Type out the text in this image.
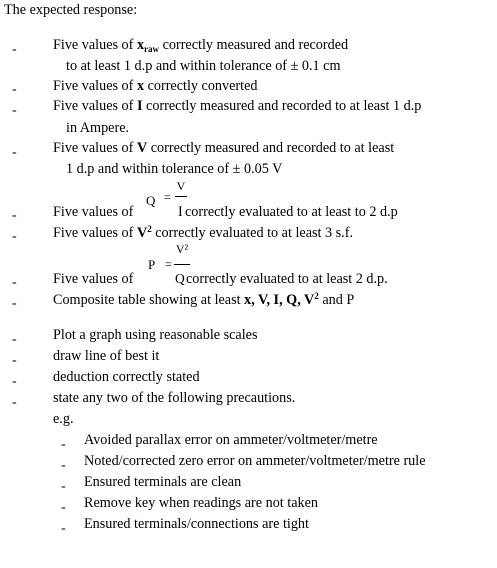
The expected response:
-	Five values of $x_{raw}$ correctly measured and recorded
to at least 1 d.p and within tolerance of ± 0.1 cm
-	Five values of x correctly converted
-	Five values of I correctly measured and recorded to at least 1 d.p
in Ampere.
-	Five values of V correctly measured and recorded to at least
1 d.p and within tolerance of ± 0.05 V
-	Five values of
Q =
V
I correctly evaluated to at least to 2 d.p
-	Five values of $V^2$ correctly evaluated to at least 3 s.f.
-	Five values of
P =
V²
Q correctly evaluated to at least 2 d.p.
-	Composite table showing at least x, V, I, Q, $V^2$ and P
-	Plot a graph using reasonable scales
-	draw line of best it
-	deduction correctly stated
-	state any two of the following precautions.
e.g.
- Avoided parallax error on ammeter/voltmeter/metre
- Noted/corrected zero error on ammeter/voltmeter/metre rule
- Ensured terminals are clean
- Remove key when readings are not taken
- Ensured terminals/connections are tight
